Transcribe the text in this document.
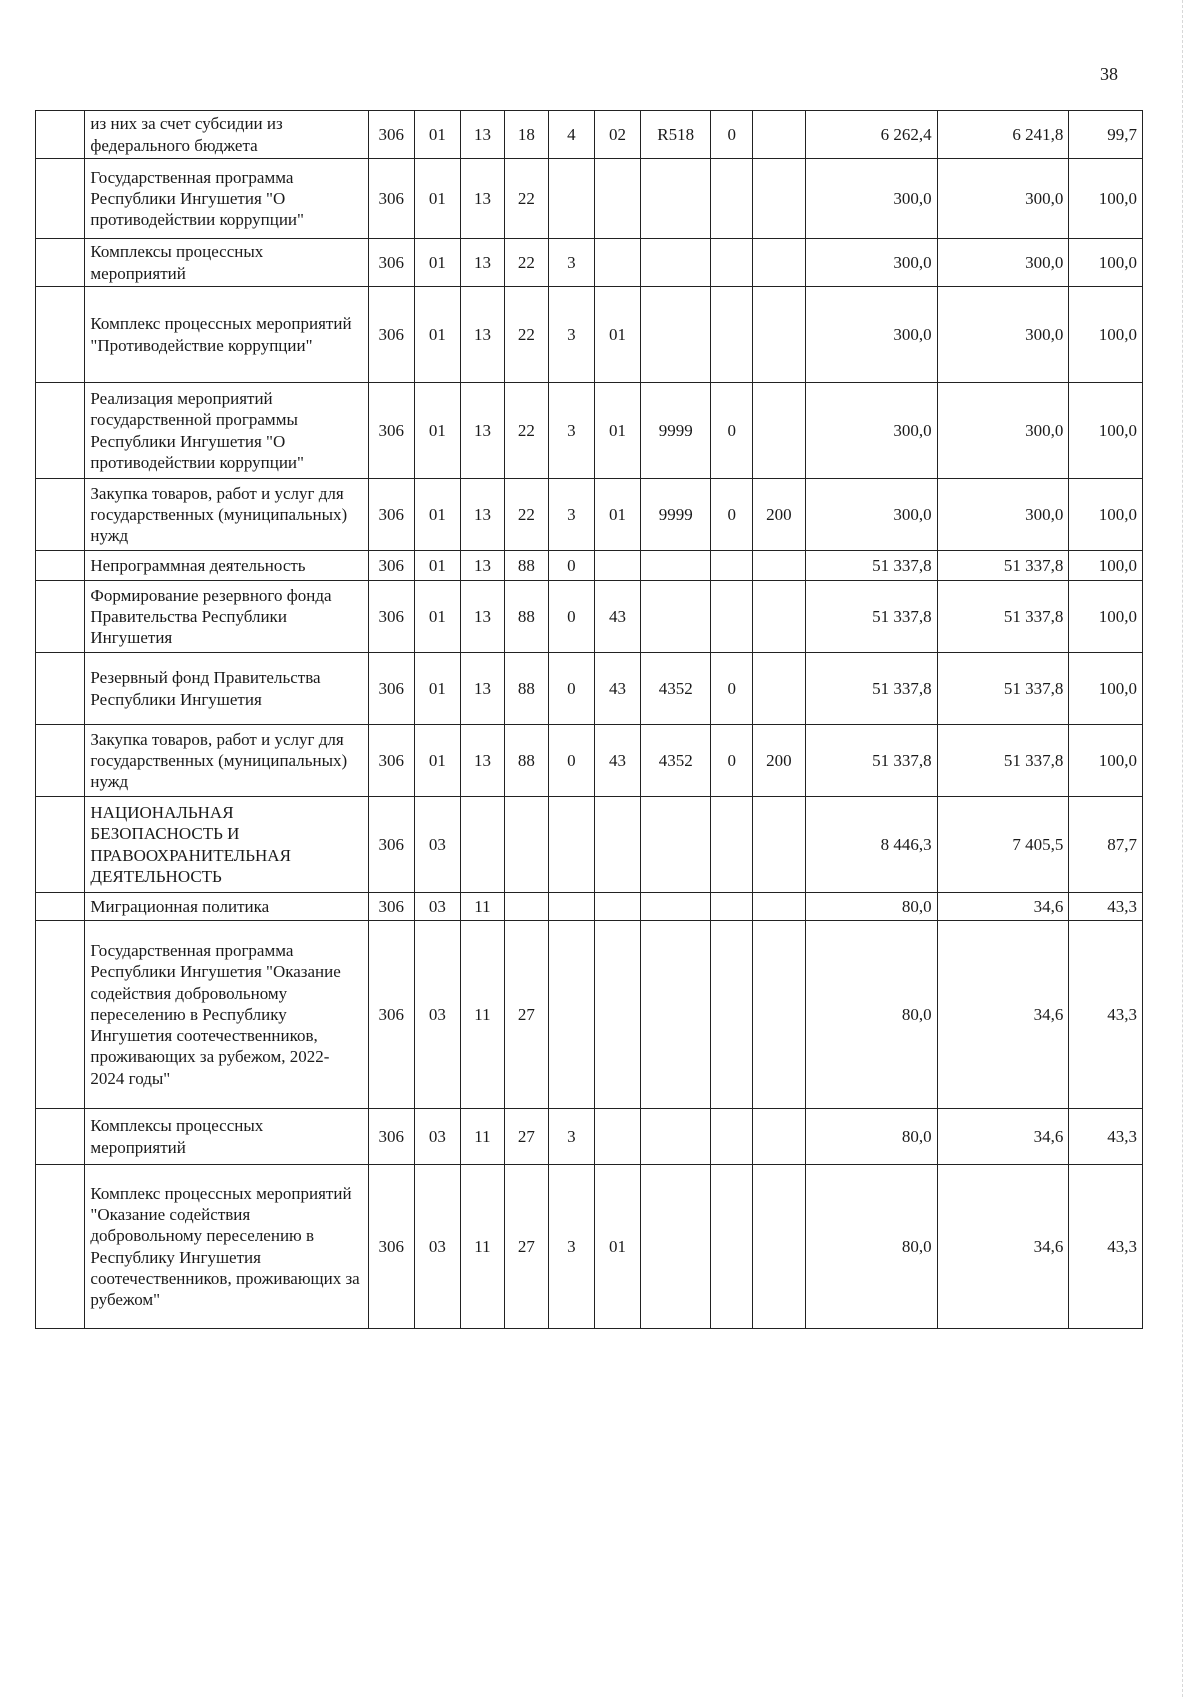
38
	из них за счет субсидии из федерального бюджета	306	01	13	18	4	02	R518	0		6 262,4	6 241,8	99,7
	Государственная программа Республики Ингушетия "О противодействии коррупции"	306	01	13	22						300,0	300,0	100,0
	Комплексы процессных мероприятий	306	01	13	22	3					300,0	300,0	100,0
	Комплекс процессных мероприятий "Противодействие коррупции"	306	01	13	22	3	01				300,0	300,0	100,0
	Реализация мероприятий государственной программы Республики Ингушетия "О противодействии коррупции"	306	01	13	22	3	01	9999	0		300,0	300,0	100,0
	Закупка товаров, работ и услуг для государственных (муниципальных) нужд	306	01	13	22	3	01	9999	0	200	300,0	300,0	100,0
	Непрограммная деятельность	306	01	13	88	0					51 337,8	51 337,8	100,0
	Формирование резервного фонда Правительства Республики Ингушетия	306	01	13	88	0	43				51 337,8	51 337,8	100,0
	Резервный фонд Правительства Республики Ингушетия	306	01	13	88	0	43	4352	0		51 337,8	51 337,8	100,0
	Закупка товаров, работ и услуг для государственных (муниципальных) нужд	306	01	13	88	0	43	4352	0	200	51 337,8	51 337,8	100,0
	НАЦИОНАЛЬНАЯ БЕЗОПАСНОСТЬ И ПРАВООХРАНИТЕЛЬНАЯ ДЕЯТЕЛЬНОСТЬ	306	03								8 446,3	7 405,5	87,7
	Миграционная политика	306	03	11							80,0	34,6	43,3
	Государственная программа Республики Ингушетия "Оказание содействия добровольному переселению в Республику Ингушетия соотечественников, проживающих за рубежом, 2022-2024 годы"	306	03	11	27						80,0	34,6	43,3
	Комплексы процессных мероприятий	306	03	11	27	3					80,0	34,6	43,3
	Комплекс процессных мероприятий "Оказание содействия добровольному переселению в Республику Ингушетия соотечественников, проживающих за рубежом"	306	03	11	27	3	01				80,0	34,6	43,3
